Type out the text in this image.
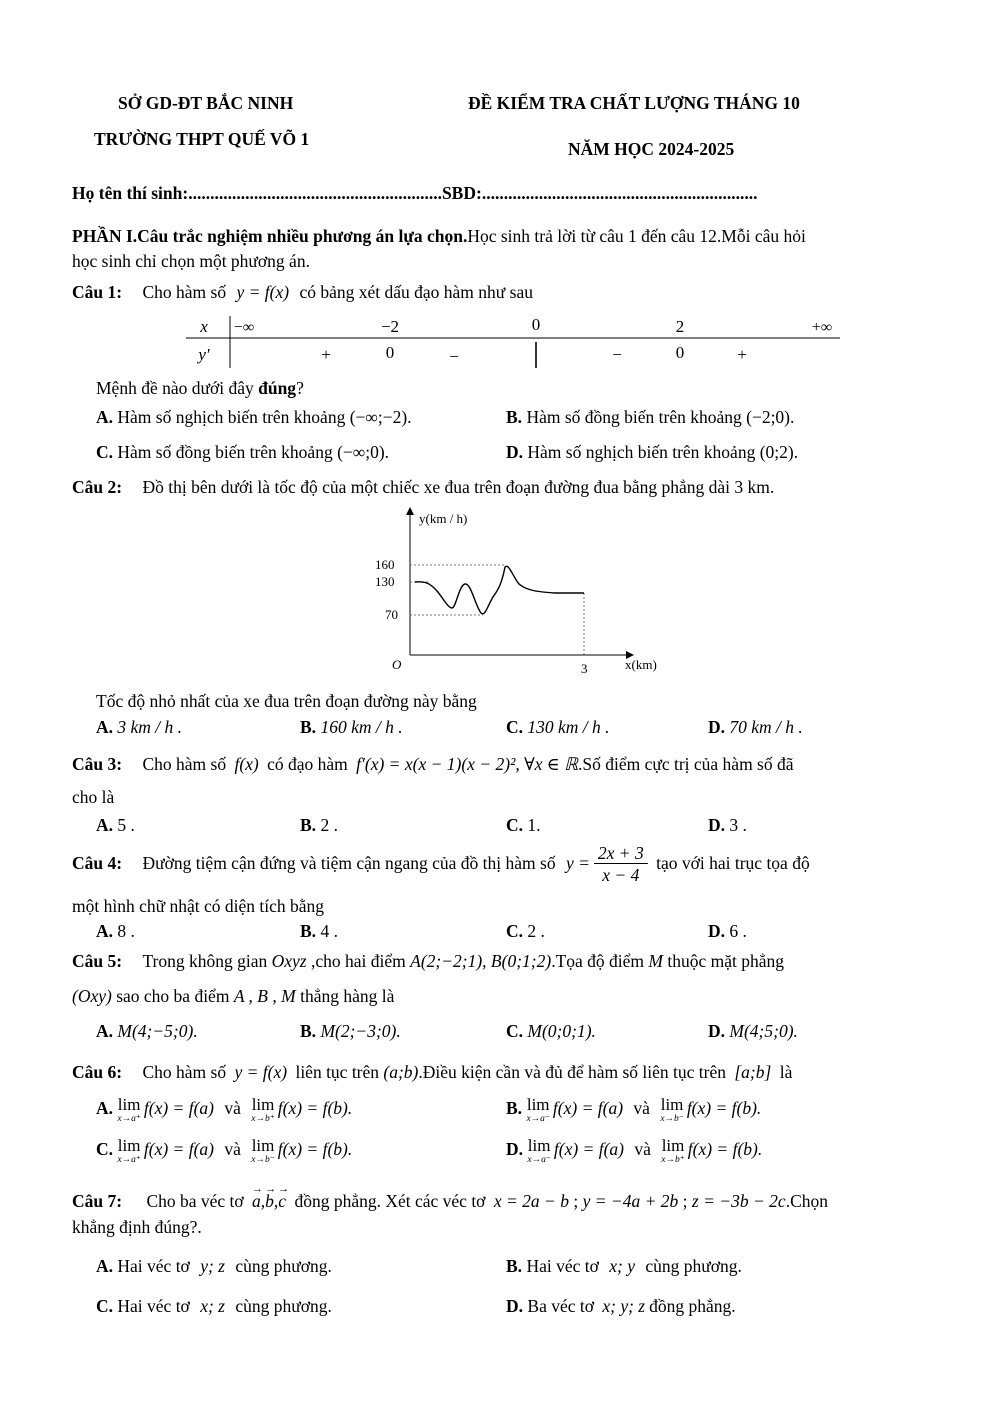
SỞ GD-ĐT BẮC NINH
TRƯỜNG THPT QUẾ VÕ 1
ĐỀ KIỂM TRA CHẤT LƯỢNG THÁNG 10
NĂM HỌC 2024-2025
Họ tên thí sinh:..........................................................SBD:...............................................................
PHẦN I.Câu trắc nghiệm nhiều phương án lựa chọn.Học sinh trả lời từ câu 1 đến câu 12.Mỗi câu hỏi
học sinh chỉ chọn một phương án.
Câu 1: Cho hàm số y = f(x) có bảng xét dấu đạo hàm như sau
x −∞	−2	0	2	+∞
y′	+	0	−	−	0	+
Mệnh đề nào dưới đây đúng?
A. Hàm số nghịch biến trên khoảng (−∞;−2).	B. Hàm số đồng biến trên khoảng (−2;0).
C. Hàm số đồng biến trên khoảng (−∞;0).	D. Hàm số nghịch biến trên khoảng (0;2).
Câu 2: Đồ thị bên dưới là tốc độ của một chiếc xe đua trên đoạn đường đua bằng phẳng dài 3 km.
y(km / h)
160
130
70
O	3	x(km)
Tốc độ nhỏ nhất của xe đua trên đoạn đường này bằng
A. 3 km / h .	B. 160 km / h .	C. 130 km / h .	D. 70 km / h .
Câu 3: Cho hàm số f(x) có đạo hàm f′(x) = x(x − 1)(x − 2)², ∀x ∈ ℝ.Số điểm cực trị của hàm số đã
cho là
A. 5 .	B. 2 .	C. 1.	D. 3 .
Câu 4: Đường tiệm cận đứng và tiệm cận ngang của đồ thị hàm số $y = \frac{2x + 3}{x - 4}$ tạo với hai trục tọa độ
một hình chữ nhật có diện tích bằng
A. 8 .	B. 4 .	C. 2 .	D. 6 .
Câu 5: Trong không gian Oxyz ,cho hai điểm A(2;−2;1), B(0;1;2).Tọa độ điểm M thuộc mặt phẳng
(Oxy) sao cho ba điểm A , B , M thẳng hàng là
A. M(4;−5;0).	B. M(2;−3;0).	C. M(0;0;1).	D. M(4;5;0).
Câu 6: Cho hàm số y = f(x) liên tục trên (a;b).Điều kiện cần và đủ để hàm số liên tục trên [a;b] là
A. lim
x→a⁺
f(x) = f(a) và lim
x→b⁺
f(x) = f(b).	B. lim
x→a⁻
f(x) = f(a) và lim
x→b⁻
f(x) = f(b).
C. lim
x→a⁺
f(x) = f(a) và lim
x→b⁻
f(x) = f(b).	D. lim
x→a⁻
f(x) = f(a) và lim
x→b⁺
f(x) = f(b).
Câu 7: Cho ba véc tơ → a,→ b,→ c đồng phẳng. Xét các véc tơ x = 2a − b ; y = −4a + 2b ; z = −3b − 2c.Chọn
khẳng định đúng?.
A. Hai véc tơ y; z cùng phương.	B. Hai véc tơ x; y cùng phương.
C. Hai véc tơ x; z cùng phương.	D. Ba véc tơ x; y; z đồng phẳng.
